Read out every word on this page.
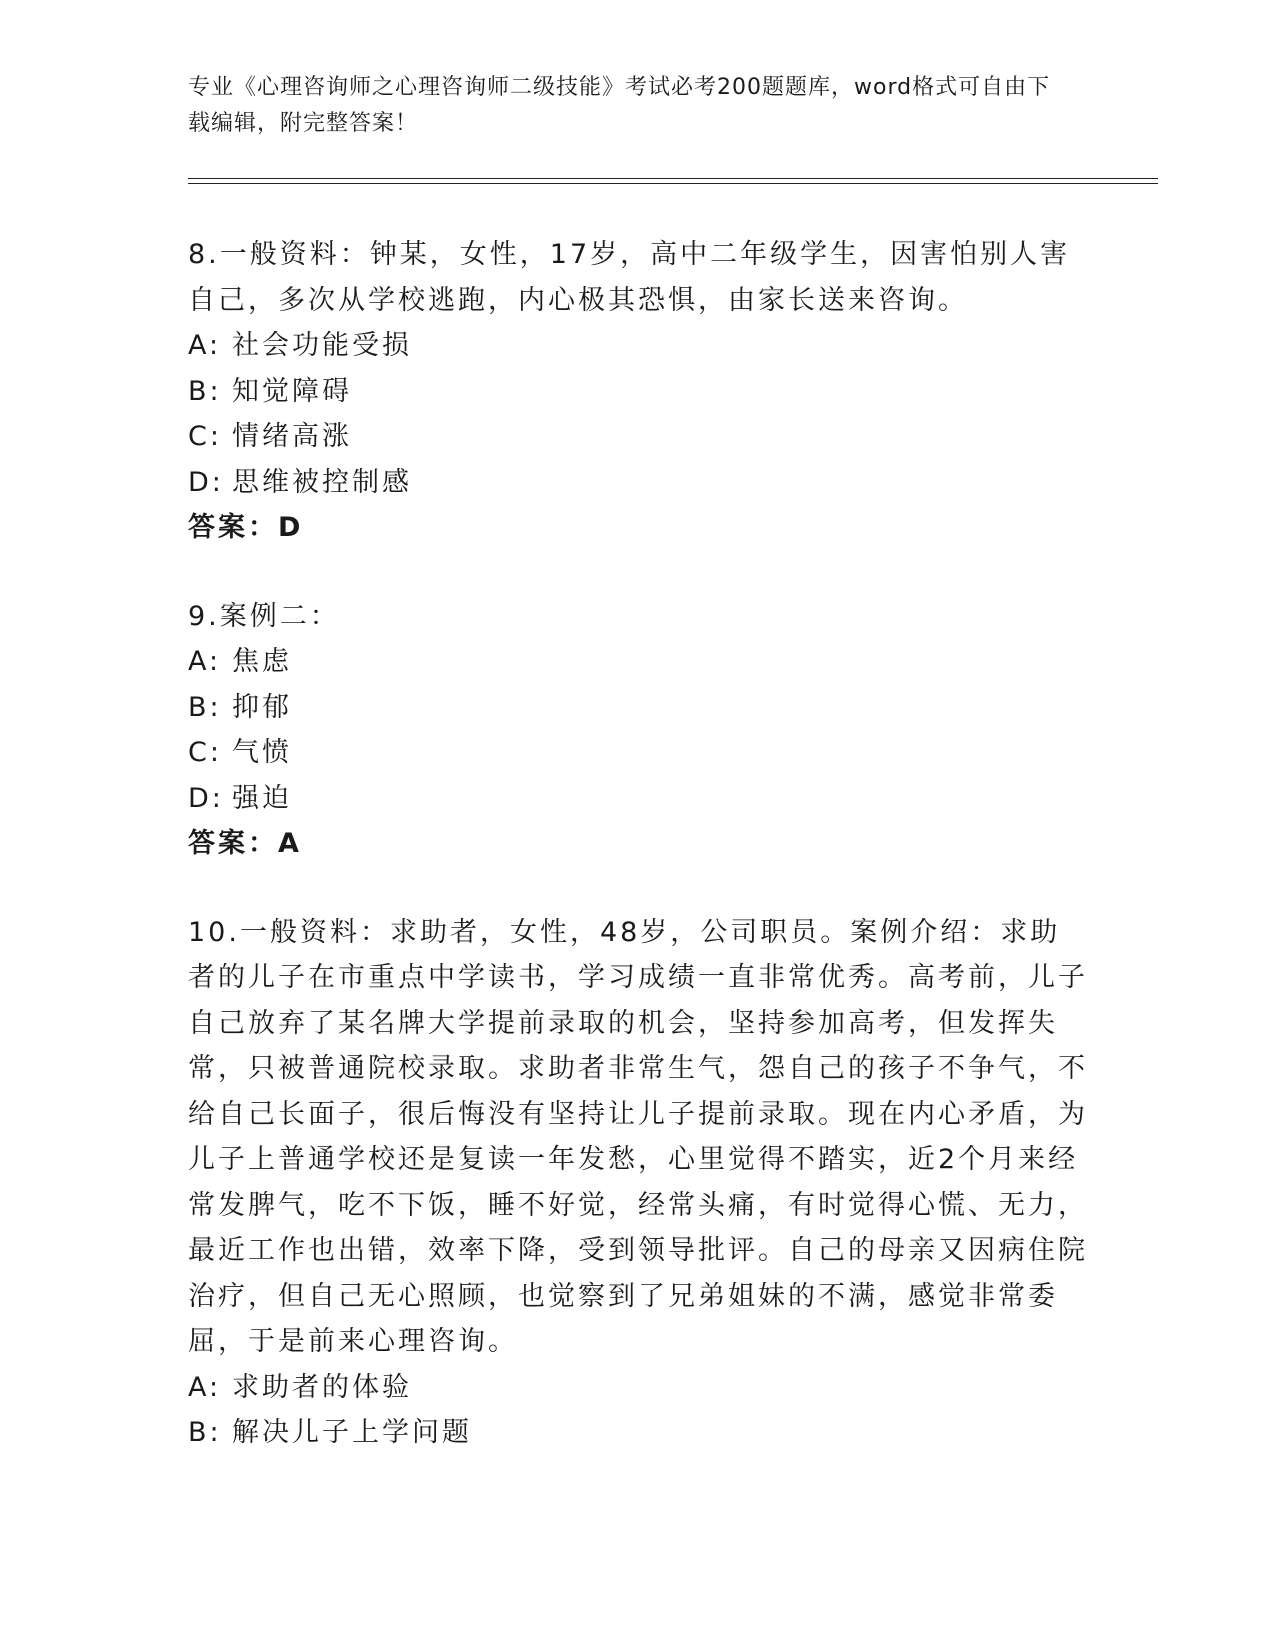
专业《心理咨询师之心理咨询师二级技能》考试必考200题题库，word格式可自由下载编辑，附完整答案！

8.一般资料：钟某，女性，17岁，高中二年级学生，因害怕别人害自己，多次从学校逃跑，内心极其恐惧，由家长送来咨询。

A: 社会功能受损
B: 知觉障碍
C: 情绪高涨
D: 思维被控制感
答案：D

9.案例二：

A: 焦虑
B: 抑郁
C: 气愤
D: 强迫
答案：A

10.一般资料：求助者，女性，48岁，公司职员。案例介绍：求助者的儿子在市重点中学读书，学习成绩一直非常优秀。高考前，儿子自己放弃了某名牌大学提前录取的机会，坚持参加高考，但发挥失常，只被普通院校录取。求助者非常生气，怨自己的孩子不争气，不给自己长面子，很后悔没有坚持让儿子提前录取。现在内心矛盾，为儿子上普通学校还是复读一年发愁，心里觉得不踏实，近2个月来经常发脾气，吃不下饭，睡不好觉，经常头痛，有时觉得心慌、无力，最近工作也出错，效率下降，受到领导批评。自己的母亲又因病住院治疗，但自己无心照顾，也觉察到了兄弟姐妹的不满，感觉非常委屈，于是前来心理咨询。

A: 求助者的体验
B: 解决儿子上学问题
